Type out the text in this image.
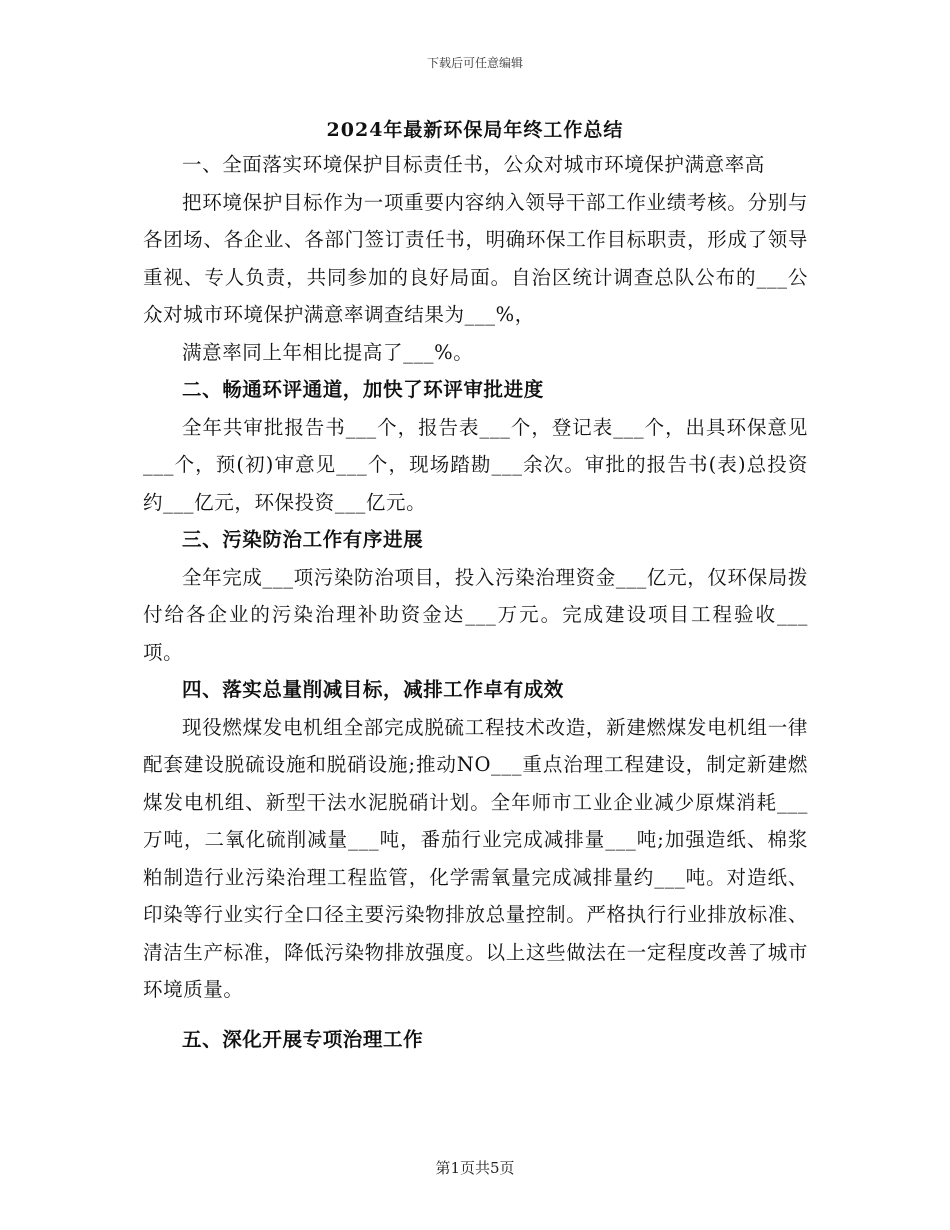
下载后可任意编辑
2024年最新环保局年终工作总结

一、全面落实环境保护目标责任书，公众对城市环境保护满意率高

把环境保护目标作为一项重要内容纳入领导干部工作业绩考核。分别与各团场、各企业、各部门签订责任书，明确环保工作目标职责，形成了领导重视、专人负责，共同参加的良好局面。自治区统计调查总队公布的___公众对城市环境保护满意率调查结果为___%，

满意率同上年相比提高了___%。

二、畅通环评通道，加快了环评审批进度

全年共审批报告书___个，报告表___个，登记表___个，出具环保意见___个，预(初)审意见___个，现场踏勘___余次。审批的报告书(表)总投资约___亿元，环保投资___亿元。

三、污染防治工作有序进展

全年完成___项污染防治项目，投入污染治理资金___亿元，仅环保局拨付给各企业的污染治理补助资金达___万元。完成建设项目工程验收___项。

四、落实总量削减目标，减排工作卓有成效

现役燃煤发电机组全部完成脱硫工程技术改造，新建燃煤发电机组一律配套建设脱硫设施和脱硝设施;推动NO___重点治理工程建设，制定新建燃煤发电机组、新型干法水泥脱硝计划。全年师市工业企业减少原煤消耗___万吨，二氧化硫削减量___吨，番茄行业完成减排量___吨;加强造纸、棉浆粕制造行业污染治理工程监管，化学需氧量完成减排量约___吨。对造纸、印染等行业实行全口径主要污染物排放总量控制。严格执行行业排放标准、清洁生产标准，降低污染物排放强度。以上这些做法在一定程度改善了城市环境质量。

五、深化开展专项治理工作

第1页共5页
